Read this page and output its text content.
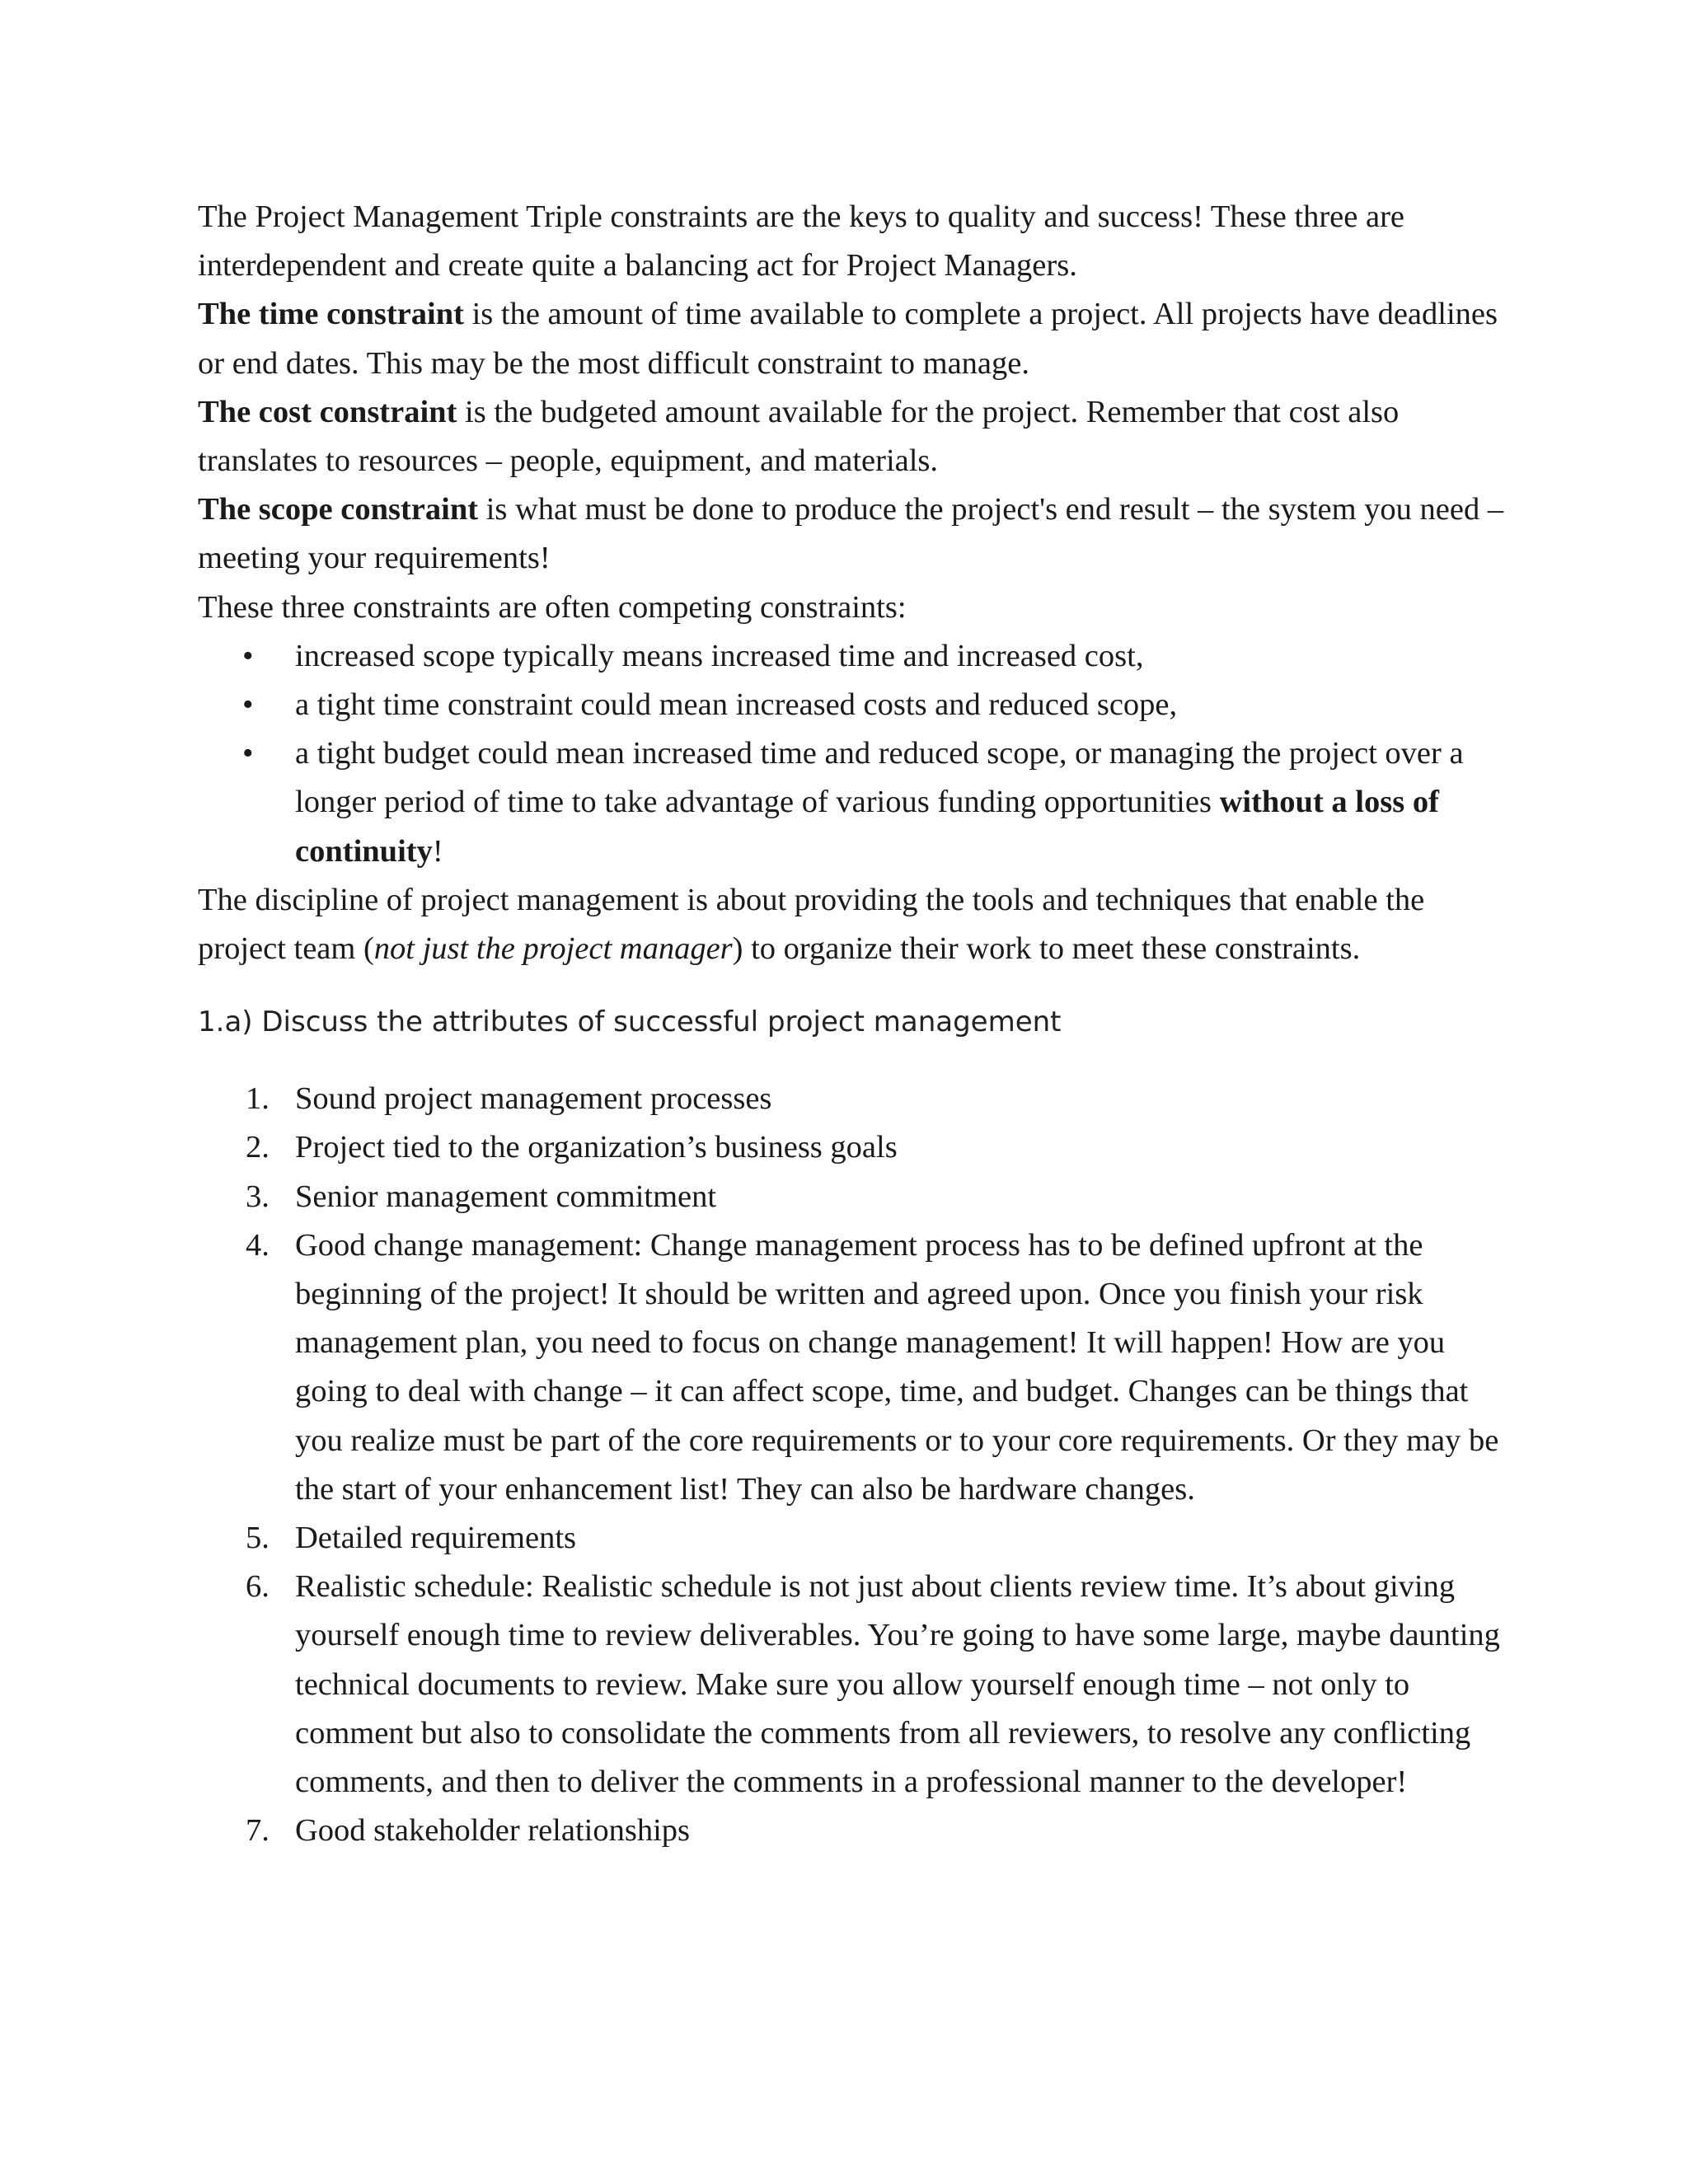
The Project Management Triple constraints are the keys to quality and success! These three are interdependent and create quite a balancing act for Project Managers.

The time constraint is the amount of time available to complete a project. All projects have deadlines or end dates. This may be the most difficult constraint to manage.

The cost constraint is the budgeted amount available for the project. Remember that cost also translates to resources – people, equipment, and materials.

The scope constraint is what must be done to produce the project's end result – the system you need – meeting your requirements!

These three constraints are often competing constraints:

• increased scope typically means increased time and increased cost,
• a tight time constraint could mean increased costs and reduced scope,
• a tight budget could mean increased time and reduced scope, or managing the project over a longer period of time to take advantage of various funding opportunities without a loss of continuity!

The discipline of project management is about providing the tools and techniques that enable the project team (not just the project manager) to organize their work to meet these constraints.

1.a) Discuss the attributes of successful project management

1. Sound project management processes
2. Project tied to the organization’s business goals
3. Senior management commitment
4. Good change management: Change management process has to be defined upfront at the beginning of the project! It should be written and agreed upon. Once you finish your risk management plan, you need to focus on change management! It will happen! How are you going to deal with change – it can affect scope, time, and budget. Changes can be things that you realize must be part of the core requirements or to your core requirements. Or they may be the start of your enhancement list! They can also be hardware changes.
5. Detailed requirements
6. Realistic schedule: Realistic schedule is not just about clients review time. It’s about giving yourself enough time to review deliverables. You’re going to have some large, maybe daunting technical documents to review. Make sure you allow yourself enough time – not only to comment but also to consolidate the comments from all reviewers, to resolve any conflicting comments, and then to deliver the comments in a professional manner to the developer!
7. Good stakeholder relationships
